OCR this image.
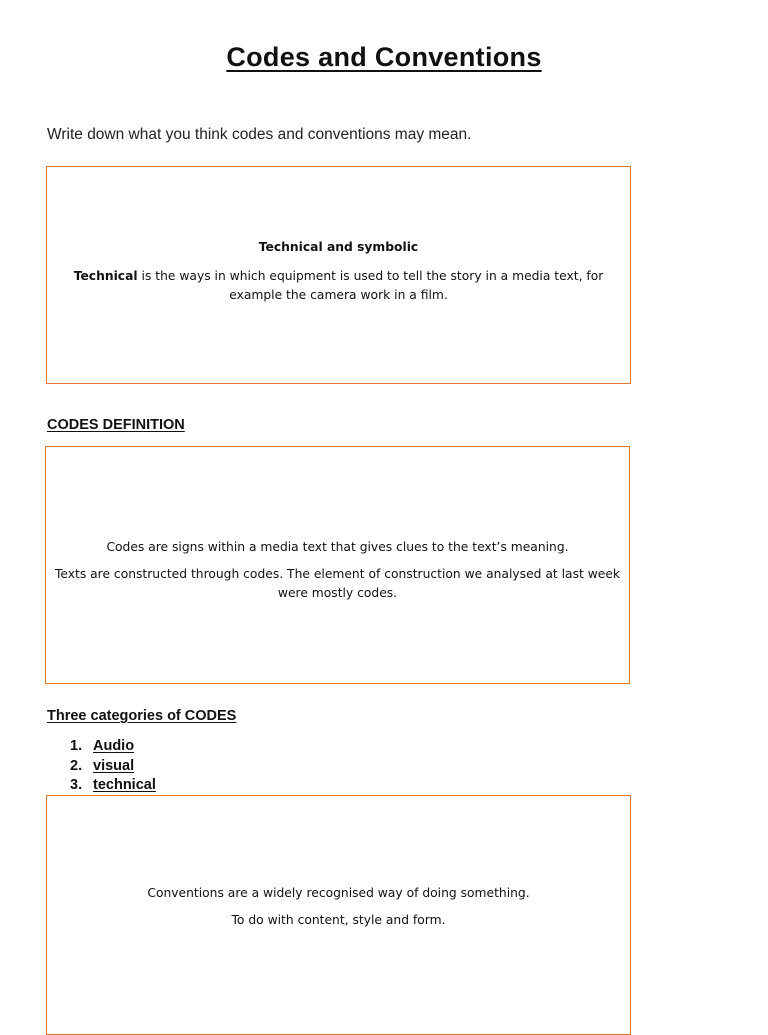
Codes and Conventions
Write down what you think codes and conventions may mean.

Technical and symbolic

Technical is the ways in which equipment is used to tell the story in a media text, for example the camera work in a film.

CODES DEFINITION

Codes are signs within a media text that gives clues to the text’s meaning.

Texts are constructed through codes. The element of construction we analysed at last week were mostly codes.

Three categories of CODES
1. Audio
2. visual
3. technical

Conventions are a widely recognised way of doing something.

To do with content, style and form.
